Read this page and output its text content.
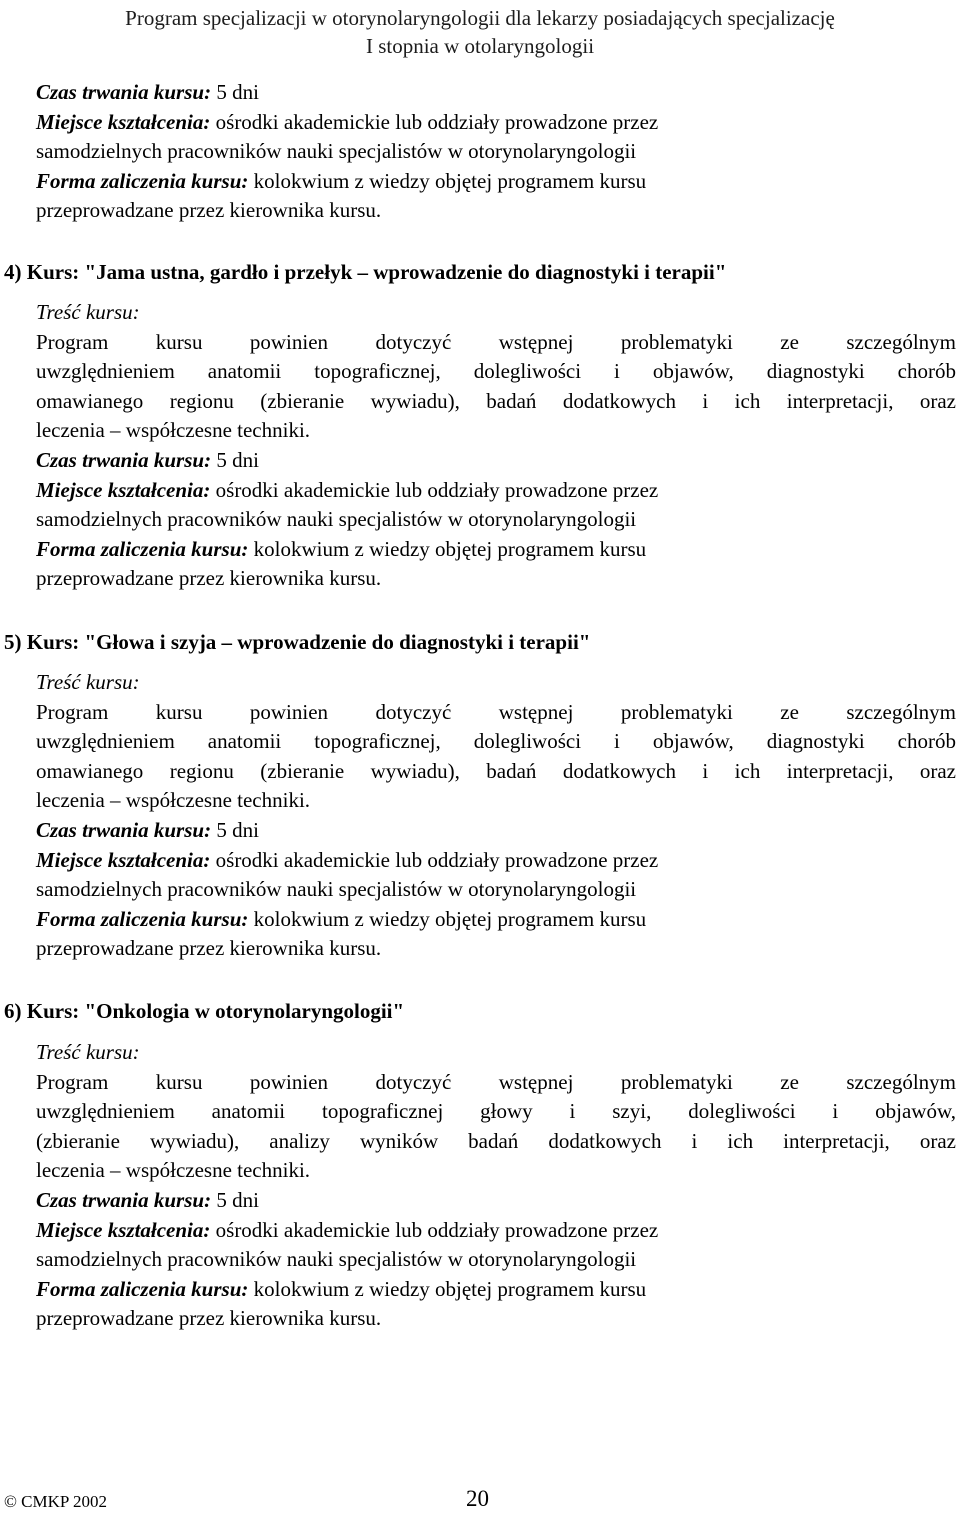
Program specjalizacji w otorynolaryngologii dla lekarzy posiadających specjalizację
I stopnia w otolaryngologii
Czas trwania kursu: 5 dni
Miejsce kształcenia: ośrodki akademickie lub oddziały prowadzone przez
samodzielnych pracowników nauki specjalistów w otorynolaryngologii
Forma zaliczenia kursu: kolokwium z wiedzy objętej programem kursu
przeprowadzane przez kierownika kursu.
4) Kurs: "Jama ustna, gardło i przełyk – wprowadzenie do diagnostyki i terapii"
Treść kursu:
Program kursu powinien dotyczyć wstępnej problematyki ze szczególnym
uwzględnieniem anatomii topograficznej, dolegliwości i objawów, diagnostyki chorób
omawianego regionu (zbieranie wywiadu), badań dodatkowych i ich interpretacji, oraz
leczenia – współczesne techniki.
Czas trwania kursu: 5 dni
Miejsce kształcenia: ośrodki akademickie lub oddziały prowadzone przez
samodzielnych pracowników nauki specjalistów w otorynolaryngologii
Forma zaliczenia kursu: kolokwium z wiedzy objętej programem kursu
przeprowadzane przez kierownika kursu.
5) Kurs: "Głowa i szyja – wprowadzenie do diagnostyki i terapii"
Treść kursu:
Program kursu powinien dotyczyć wstępnej problematyki ze szczególnym
uwzględnieniem anatomii topograficznej, dolegliwości i objawów, diagnostyki chorób
omawianego regionu (zbieranie wywiadu), badań dodatkowych i ich interpretacji, oraz
leczenia – współczesne techniki.
Czas trwania kursu: 5 dni
Miejsce kształcenia: ośrodki akademickie lub oddziały prowadzone przez
samodzielnych pracowników nauki specjalistów w otorynolaryngologii
Forma zaliczenia kursu: kolokwium z wiedzy objętej programem kursu
przeprowadzane przez kierownika kursu.
6) Kurs: "Onkologia w otorynolaryngologii"
Treść kursu:
Program kursu powinien dotyczyć wstępnej problematyki ze szczególnym
uwzględnieniem anatomii topograficznej głowy i szyi, dolegliwości i objawów,
(zbieranie wywiadu), analizy wyników badań dodatkowych i ich interpretacji, oraz
leczenia – współczesne techniki.
Czas trwania kursu: 5 dni
Miejsce kształcenia: ośrodki akademickie lub oddziały prowadzone przez
samodzielnych pracowników nauki specjalistów w otorynolaryngologii
Forma zaliczenia kursu: kolokwium z wiedzy objętej programem kursu
przeprowadzane przez kierownika kursu.
© CMKP 2002	20
